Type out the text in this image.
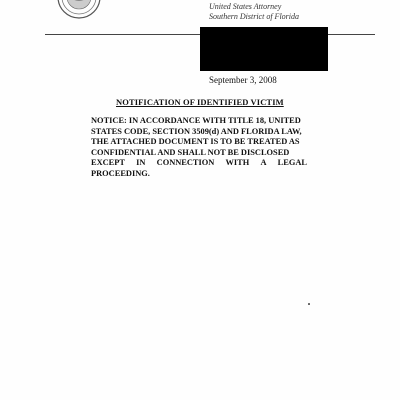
United States Attorney
Southern District of Florida
September 3, 2008
NOTIFICATION OF IDENTIFIED VICTIM
NOTICE: IN ACCORDANCE WITH TITLE 18, UNITED
STATES CODE, SECTION 3509(d) AND FLORIDA LAW,
THE ATTACHED DOCUMENT IS TO BE TREATED AS
CONFIDENTIAL AND SHALL NOT BE DISCLOSED
EXCEPT IN CONNECTION WITH A LEGAL
PROCEEDING.
